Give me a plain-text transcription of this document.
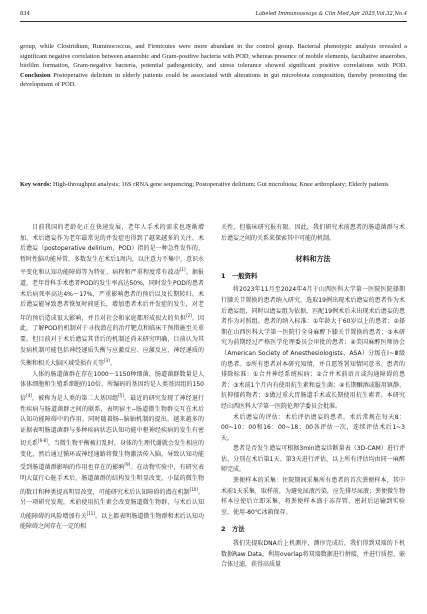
834	Labeled Immunoassays & Clin Med,Apr 2025,Vol.32,No.4
group, while Clostridium, Ruminococcus, and Firmicutes were more abundant in the control group. Bacterial phenotypic analysis revealed a significant negative correlation between anaerobic and Gram-positive bacteria with POD, whereas presence of mobile elements, facultative anaerobes, biofilm formation, Gram-negative bacteria, potential pathogenicity, and stress tolerance showed significant positive correlations with POD. Conclusion Postoperative delirium in elderly patients could be associated with alterations in gut microbiota composition, thereby promoting the development of POD.
Key words: High-throughput analysis; 16S rRNA gene sequencing; Postoperative delirium; Gut microbiota; Knee arthroplasty; Elderly patients

目前我国的老龄化正在快速发展，老年人手术的需求也逐渐增加，术后谵妄作为老年最常见的并发症也得到了越来越多的关注。术后谵妄（postoperative delirium，POD）指的是一种急性发作的、暂时性脑功能异常，多数发生在术后1周内，以注意力不集中，意识水平变化和认知功能障碍等为特征，病程和严重程度常有波动[1]。据报道，老年骨科手术患者POD的发生率高达50%，同时发生POD的患者术后病死率高达4%～17%，严重影响患者的预后以及长期转归。术后谵妄能导致患者恢复时间延长，增加患者术后并发症的发生，对老年的预后造成很大影响，并且对社会和家庭都形成很大的负担[2]。因此，了解POD的机制对于寻找潜在的治疗靶点和临床干预措施至关重要。但目前对于术后谵妄其背后的机制还尚未研究明确，目前认为其发病机制可能包括神经递质失衡与应激反应、应激反应、神经递质的失衡和相关大脑区域受损有关等[3]。

人体的肠道菌群在存在1000～1150种细菌，肠道菌群数量是人体体细胞和生殖系细胞的10倍，所编码的基因约是人类基因组的150倍[4]，被称为是人类的第二大基因组[5]。最近的研究发现了神经退行性疾病与肠道菌群之间的联系，表明宿主--肠道微生物群交互在术后认知功能障碍中的作用。同时随着肠--脑轴机制的提出，越来越多的证据表明肠道菌群与多种疾病状态认知功能中枢神经疾病的发生有密切关系[6-8]。当微生物平衡被打乱时，身体的生理代谢就会发生相应的变化，然后通过循环或神经通路将微生物激活传入脑，导致认知功能受到肠道菌群影响的作用也存在的影响[9]。在动物实验中，有研究表明大鼠行心脏手术后，肠道菌群的结构发生明显改变，小鼠的微生物的数目和种类提高明显改变，可能研究术后认知障碍的潜在机制[10]。另一项研究发现，术前使用抗生素会改变肠道微生物群，与术后认知功能障碍的风险增加有关[11]。以上都表明肠道微生物群和术后认知功能障碍之间存在一定的相

关性，但临床研究报有限。因此，我们研究术前患者的肠道菌群与术后谵妄之间的关系来探索其中可能的机制。

材料和方法
1　一般资料

将2023年11月至2024年4月于山西医科大学第一医院医院择期行膝关节置换的患者纳入研究，选取19例出现术后谵妄的患者作为术后谵妄组，同时以谵妄组为依据，匹配19例术后未出现术后谵妄的患者作为对照组。患者的纳入标准：①年龄大于60岁以上的患者；②择期在山西医科大学第一医院行全身麻醉下膝关节置换的患者；③本研究为前期经过严格医学伦理委员会审批的患者；④美国麻醉医师协会（American Society of Anesthesiologists，ASA）分级在Ⅰ~Ⅲ级的患者。⑤所有患者对本研究知情，并自愿签署知情同意书。患者的排除标准：①合并神经系统疾病；②合并术前语言或沟通障碍的患者；③术前1个月内有使用抗生素和益生菌；④长期酗酒或服用镇静、抗抑郁药物者；⑤做过重大胃肠道手术或长期使用抗生素者。本研究经山西医科大学第一医院伦理学委员会批准。

术后谵妄的评估：术后评估谵妄的患者，术后常规在每天8：00~10：00和16：00~18：00各评估一次，连续评估术后1~3天。

患者是否发生谵妄可根据3min谵妄诊断量表（3D-CAM）进行评估，分别在术后第1天、第3天进行评估，以上所有评估均由同一麻醉师完成。

粪便样本的采集：住院期间采集所有患者的首次粪便样本，其中术前1天采集，取样前，为避免尿液污染，应先排尽尿液；粪便微生物样本应使后立即采集，将粪便样本盛于冻存管，密封后运输到实验室，使用-80℃冰箱保存。

2　方法

我们先提取DNA后上机测序，测序完成后，我们得到双端的下机数据Raw Data，利用overlap将双端数据进行拼接，并进行质控、嵌合体过滤，获得高质量
